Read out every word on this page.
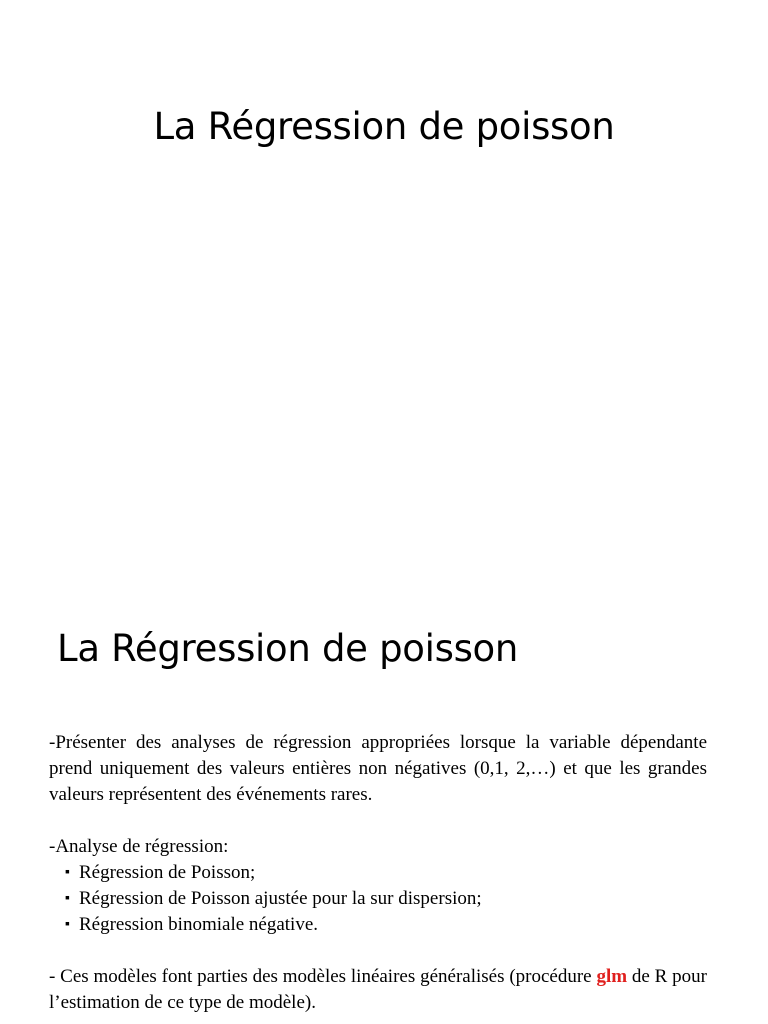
La Régression de poisson
La Régression de poisson

-Présenter des analyses de régression appropriées lorsque la variable dépendante prend uniquement des valeurs entières non négatives (0,1, 2,…) et que les grandes valeurs représentent des événements rares.

-Analyse de régression:

▪ Régression de Poisson;
▪ Régression de Poisson ajustée pour la sur dispersion;
▪ Régression binomiale négative.

- Ces modèles font parties des modèles linéaires généralisés (procédure glm de R pour l’estimation de ce type de modèle).
